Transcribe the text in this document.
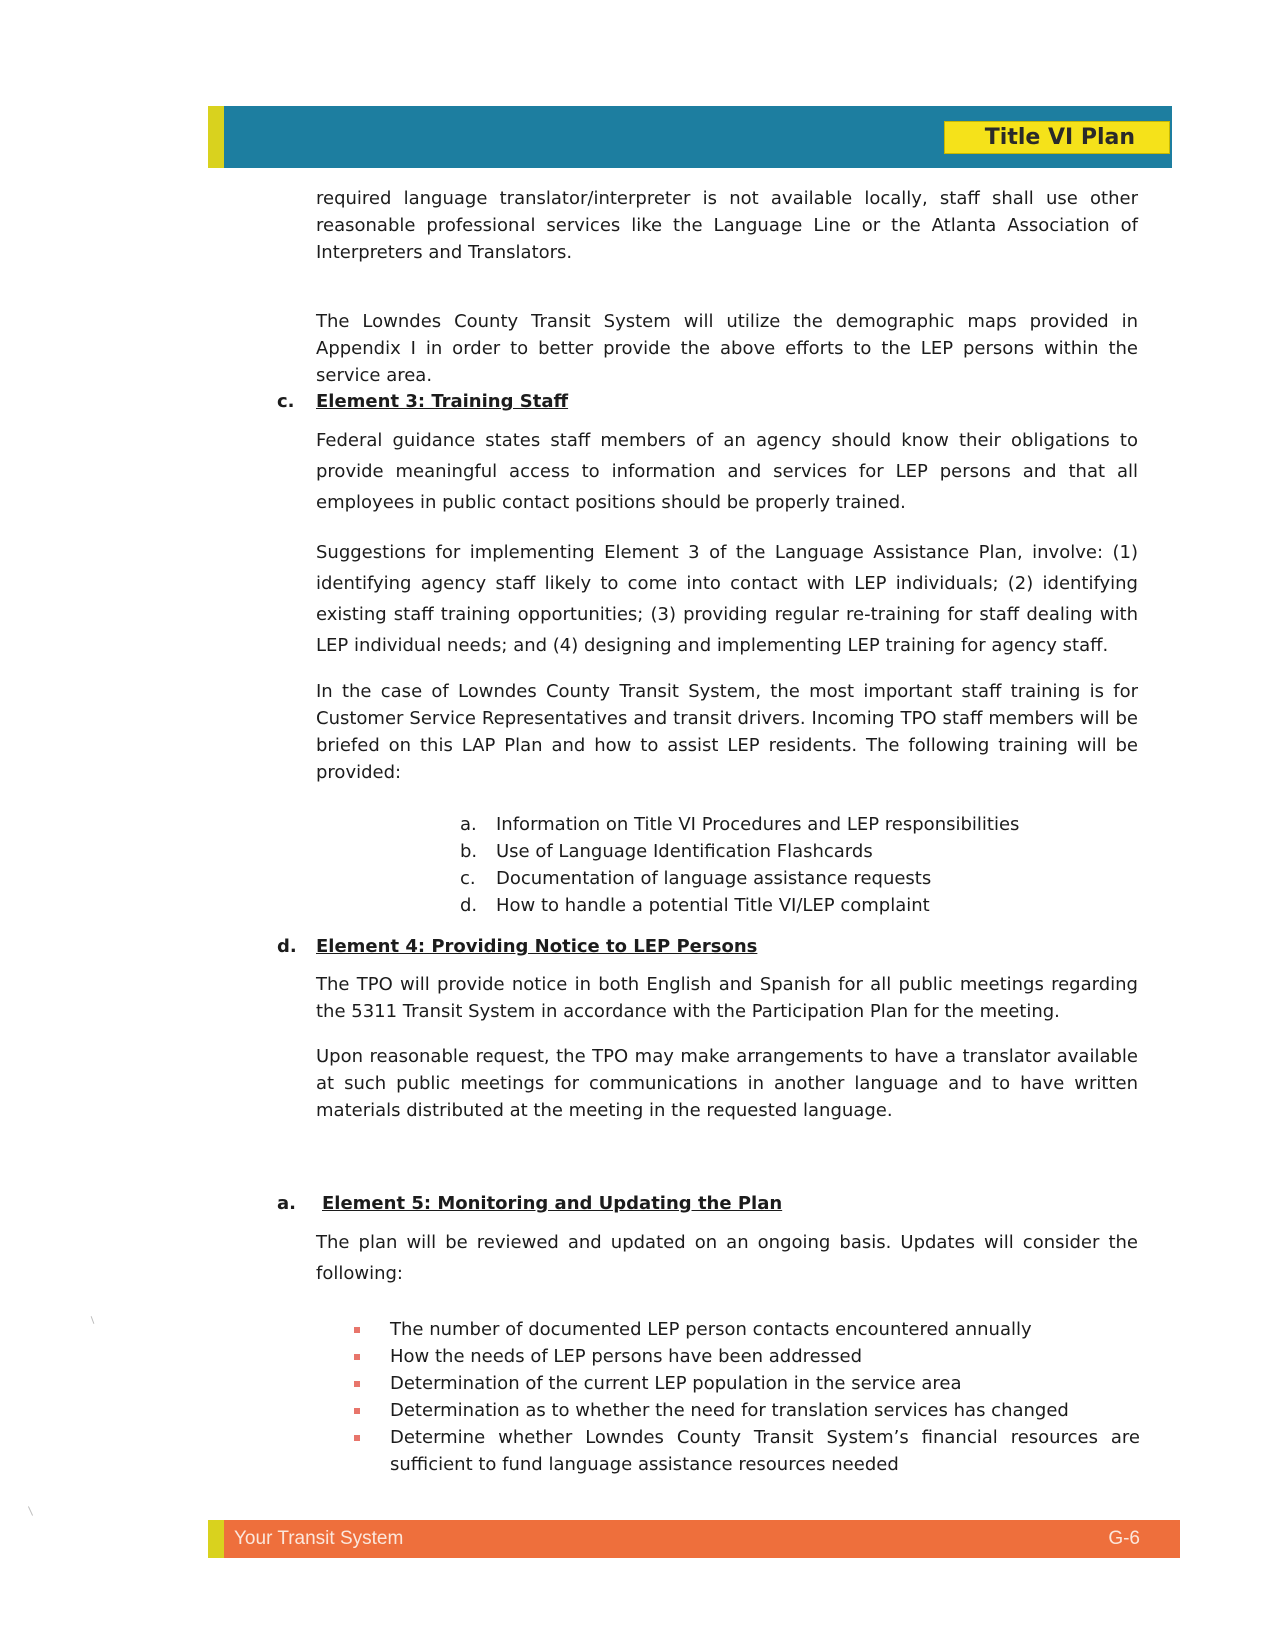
Title VI Plan

required language translator/interpreter is not available locally, staff shall use other reasonable professional services like the Language Line or the Atlanta Association of Interpreters and Translators.

The Lowndes County Transit System will utilize the demographic maps provided in Appendix I in order to better provide the above efforts to the LEP persons within the service area.

c. Element 3: Training Staff

Federal guidance states staff members of an agency should know their obligations to provide meaningful access to information and services for LEP persons and that all employees in public contact positions should be properly trained.

Suggestions for implementing Element 3 of the Language Assistance Plan, involve: (1) identifying agency staff likely to come into contact with LEP individuals; (2) identifying existing staff training opportunities; (3) providing regular re-training for staff dealing with LEP individual needs; and (4) designing and implementing LEP training for agency staff.

In the case of Lowndes County Transit System, the most important staff training is for Customer Service Representatives and transit drivers. Incoming TPO staff members will be briefed on this LAP Plan and how to assist LEP residents. The following training will be provided:

a.	Information on Title VI Procedures and LEP responsibilities
b.	Use of Language Identification Flashcards
c.	Documentation of language assistance requests
d.	How to handle a potential Title VI/LEP complaint
d. Element 4: Providing Notice to LEP Persons

The TPO will provide notice in both English and Spanish for all public meetings regarding the 5311 Transit System in accordance with the Participation Plan for the meeting.

Upon reasonable request, the TPO may make arrangements to have a translator available at such public meetings for communications in another language and to have written materials distributed at the meeting in the requested language.

a. Element 5: Monitoring and Updating the Plan

The plan will be reviewed and updated on an ongoing basis. Updates will consider the following:

The number of documented LEP person contacts encountered annually
How the needs of LEP persons have been addressed
Determination of the current LEP population in the service area
Determination as to whether the need for translation services has changed
Determine whether Lowndes County Transit System’s financial resources are sufficient to fund language assistance resources needed
Your Transit System	G-6
